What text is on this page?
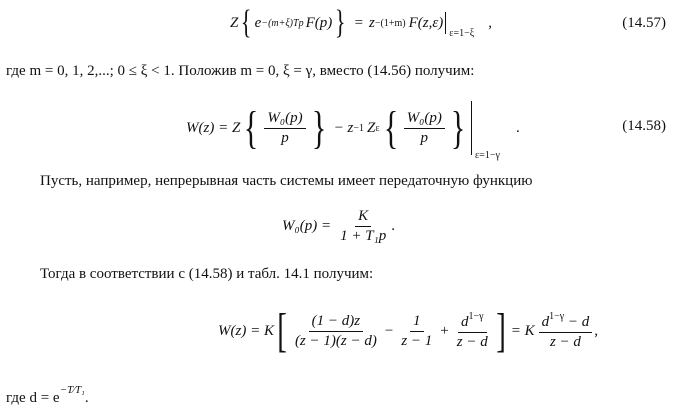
Z { e −(m+ξ)Tp F(p) } = z −(1+m) F(z,ε)
ε=1−ξ
,	(14.57)
где m = 0, 1, 2,...; 0 ≤ ξ < 1. Положив m = 0, ξ = γ, вместо (14.56) получим:
W(z) = Z { $\frac{\text{W₀(p)}}{p}$ } − z −1 Z ε { $\frac{\text{W₀(p)}}{p}$ }
ε=1−γ
.	(14.58)
Пусть, например, непрерывная часть системы имеет передаточную функцию
$W_0(p) = \frac{K}{\text{1 + T₁p}}$ .
Тогда в соответствии с (14.58) и табл. 14.1 получим:
W(z) = K [ $\frac{(1 - d)z}{(z - 1)(z - d)} - \frac{1}{z - 1} + \frac{d^{1-\gamma}}{z - d}$ ] = K $\frac{d^{1-\gamma} - d}{z - d}$ ,
где $d = e^{-T⁄T_1}$.
